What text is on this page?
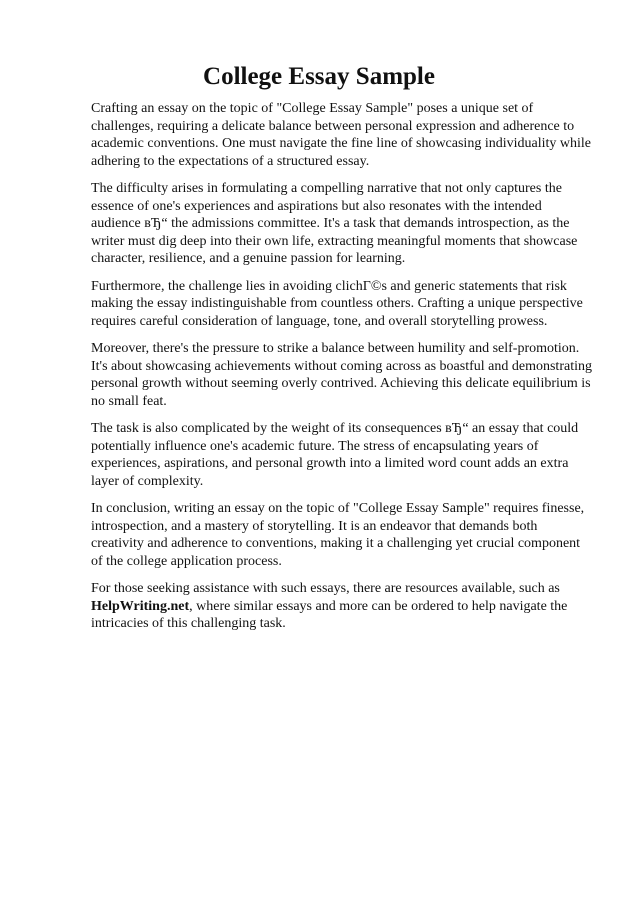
College Essay Sample

Crafting an essay on the topic of "College Essay Sample" poses a unique set of challenges, requiring a delicate balance between personal expression and adherence to academic conventions. One must navigate the fine line of showcasing individuality while adhering to the expectations of a structured essay.

The difficulty arises in formulating a compelling narrative that not only captures the essence of one's experiences and aspirations but also resonates with the intended audience вЂ“ the admissions committee. It's a task that demands introspection, as the writer must dig deep into their own life, extracting meaningful moments that showcase character, resilience, and a genuine passion for learning.

Furthermore, the challenge lies in avoiding clichГ©s and generic statements that risk making the essay indistinguishable from countless others. Crafting a unique perspective requires careful consideration of language, tone, and overall storytelling prowess.

Moreover, there's the pressure to strike a balance between humility and self-promotion. It's about showcasing achievements without coming across as boastful and demonstrating personal growth without seeming overly contrived. Achieving this delicate equilibrium is no small feat.

The task is also complicated by the weight of its consequences вЂ“ an essay that could potentially influence one's academic future. The stress of encapsulating years of experiences, aspirations, and personal growth into a limited word count adds an extra layer of complexity.

In conclusion, writing an essay on the topic of "College Essay Sample" requires finesse, introspection, and a mastery of storytelling. It is an endeavor that demands both creativity and adherence to conventions, making it a challenging yet crucial component of the college application process.

For those seeking assistance with such essays, there are resources available, such as HelpWriting.net, where similar essays and more can be ordered to help navigate the intricacies of this challenging task.
